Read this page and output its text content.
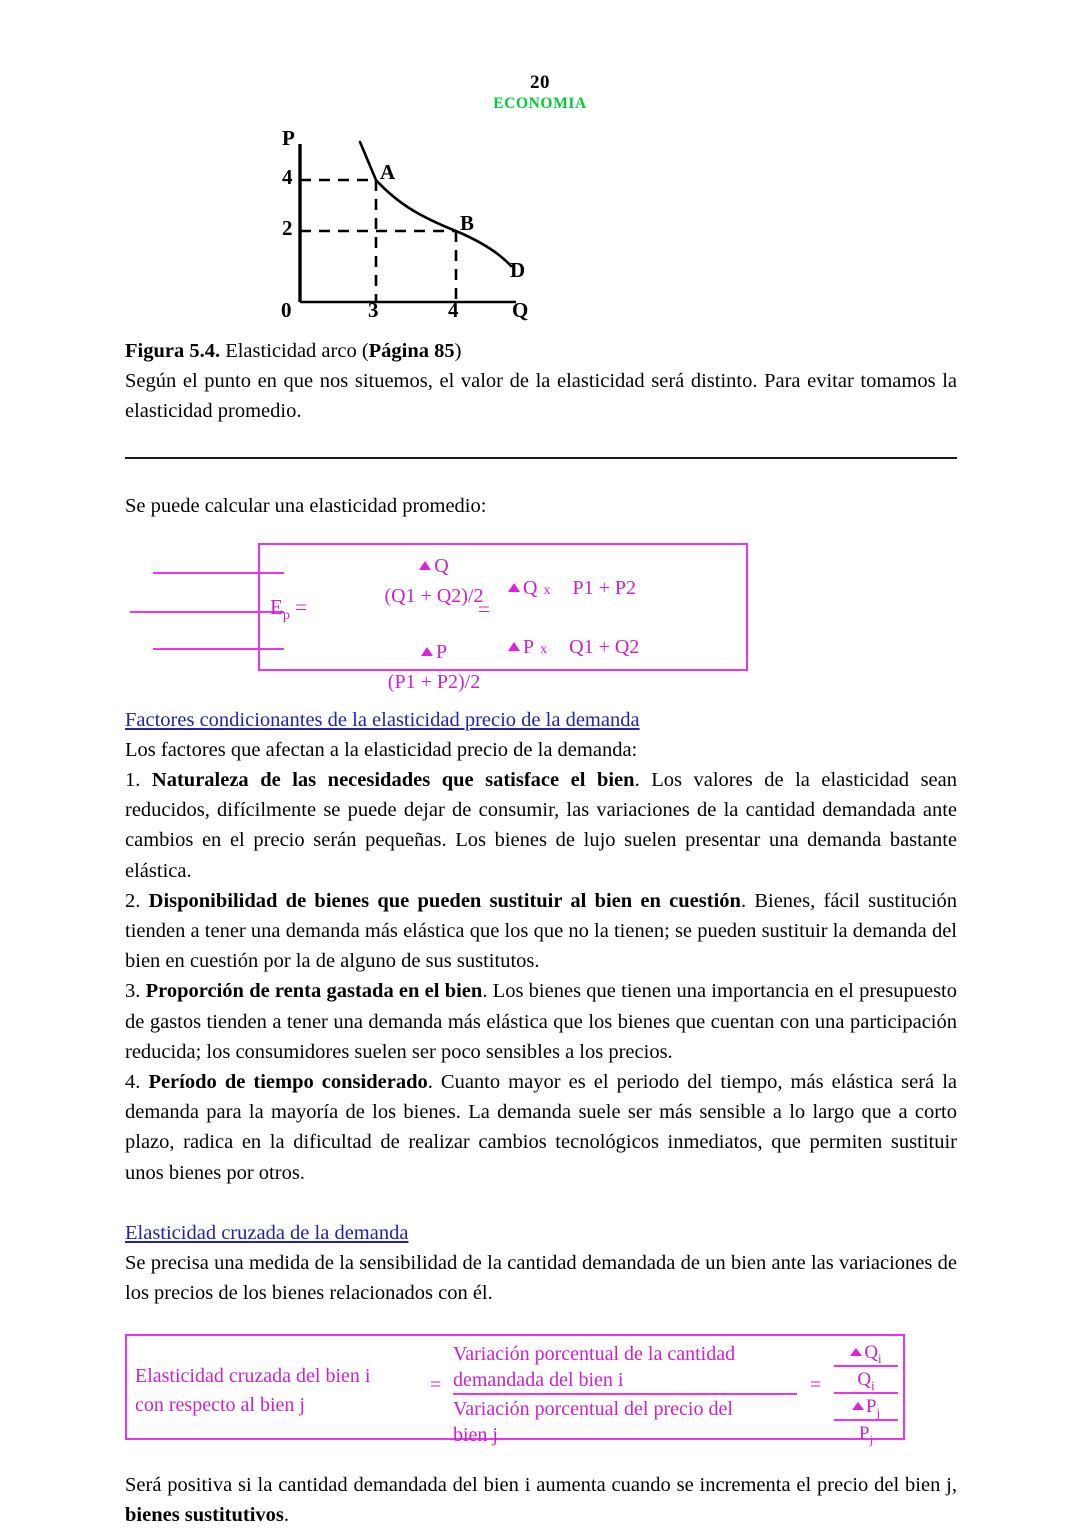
20
ECONOMIA
P
4
2
0	3	4	Q
A
B
D

Figura 5.4. Elasticidad arco (Página 85)

Según el punto en que nos situemos, el valor de la elasticidad será distinto. Para evitar tomamos la elasticidad promedio.

Se puede calcular una elasticidad promedio:

$E_p$ =
Q
(Q1 + Q2)/2
P
(P1 + P2)/2
=
Q x P1 + P2
P x Q1 + Q2

Factores condicionantes de la elasticidad precio de la demanda

Los factores que afectan a la elasticidad precio de la demanda:

1. Naturaleza de las necesidades que satisface el bien. Los valores de la elasticidad sean reducidos, difícilmente se puede dejar de consumir, las variaciones de la cantidad demandada ante cambios en el precio serán pequeñas. Los bienes de lujo suelen presentar una demanda bastante elástica.

2. Disponibilidad de bienes que pueden sustituir al bien en cuestión. Bienes, fácil sustitución tienden a tener una demanda más elástica que los que no la tienen; se pueden sustituir la demanda del bien en cuestión por la de alguno de sus sustitutos.

3. Proporción de renta gastada en el bien. Los bienes que tienen una importancia en el presupuesto de gastos tienden a tener una demanda más elástica que los bienes que cuentan con una participación reducida; los consumidores suelen ser poco sensibles a los precios.

4. Período de tiempo considerado. Cuanto mayor es el periodo del tiempo, más elástica será la demanda para la mayoría de los bienes. La demanda suele ser más sensible a lo largo que a corto plazo, radica en la dificultad de realizar cambios tecnológicos inmediatos, que permiten sustituir unos bienes por otros.

Elasticidad cruzada de la demanda

Se precisa una medida de la sensibilidad de la cantidad demandada de un bien ante las variaciones de los precios de los bienes relacionados con él.

Elasticidad cruzada del bien i
con respecto al bien j
=
Variación porcentual de la cantidad
demandada del bien i
Variación porcentual del precio del
bien j
=
$Q_i$
$Q_i$
$P_j$
$P_j$

Será positiva si la cantidad demandada del bien i aumenta cuando se incrementa el precio del bien j, bienes sustitutivos.
